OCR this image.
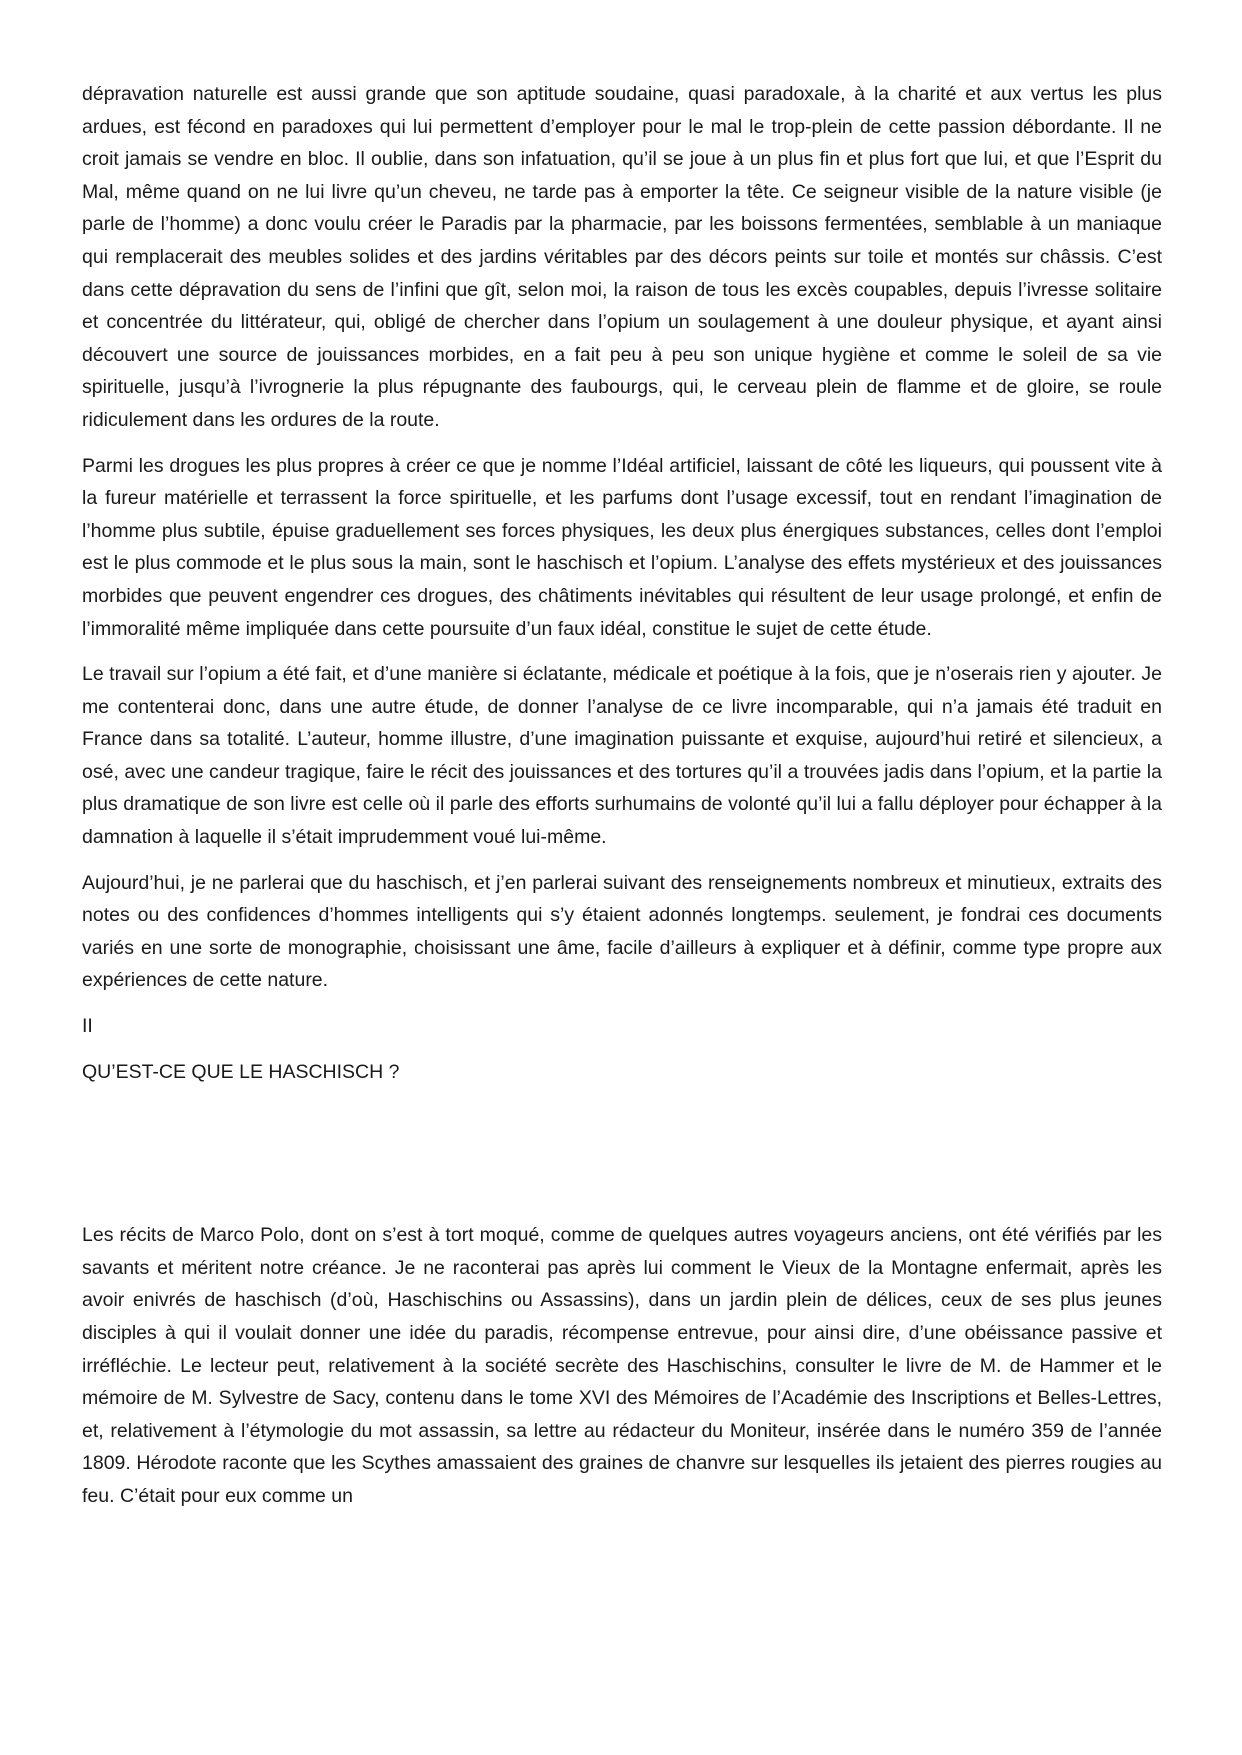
dépravation naturelle est aussi grande que son aptitude soudaine, quasi paradoxale, à la charité et aux vertus les plus ardues, est fécond en paradoxes qui lui permettent d’employer pour le mal le trop-plein de cette passion débordante. Il ne croit jamais se vendre en bloc. Il oublie, dans son infatuation, qu’il se joue à un plus fin et plus fort que lui, et que l’Esprit du Mal, même quand on ne lui livre qu’un cheveu, ne tarde pas à emporter la tête. Ce seigneur visible de la nature visible (je parle de l’homme) a donc voulu créer le Paradis par la pharmacie, par les boissons fermentées, semblable à un maniaque qui remplacerait des meubles solides et des jardins véritables par des décors peints sur toile et montés sur châssis. C’est dans cette dépravation du sens de l’infini que gît, selon moi, la raison de tous les excès coupables, depuis l’ivresse solitaire et concentrée du littérateur, qui, obligé de chercher dans l’opium un soulagement à une douleur physique, et ayant ainsi découvert une source de jouissances morbides, en a fait peu à peu son unique hygiène et comme le soleil de sa vie spirituelle, jusqu’à l’ivrognerie la plus répugnante des faubourgs, qui, le cerveau plein de flamme et de gloire, se roule ridiculement dans les ordures de la route.

Parmi les drogues les plus propres à créer ce que je nomme l’Idéal artificiel, laissant de côté les liqueurs, qui poussent vite à la fureur matérielle et terrassent la force spirituelle, et les parfums dont l’usage excessif, tout en rendant l’imagination de l’homme plus subtile, épuise graduellement ses forces physiques, les deux plus énergiques substances, celles dont l’emploi est le plus commode et le plus sous la main, sont le haschisch et l’opium. L’analyse des effets mystérieux et des jouissances morbides que peuvent engendrer ces drogues, des châtiments inévitables qui résultent de leur usage prolongé, et enfin de l’immoralité même impliquée dans cette poursuite d’un faux idéal, constitue le sujet de cette étude.

Le travail sur l’opium a été fait, et d’une manière si éclatante, médicale et poétique à la fois, que je n’oserais rien y ajouter. Je me contenterai donc, dans une autre étude, de donner l’analyse de ce livre incomparable, qui n’a jamais été traduit en France dans sa totalité. L’auteur, homme illustre, d’une imagination puissante et exquise, aujourd’hui retiré et silencieux, a osé, avec une candeur tragique, faire le récit des jouissances et des tortures qu’il a trouvées jadis dans l’opium, et la partie la plus dramatique de son livre est celle où il parle des efforts surhumains de volonté qu’il lui a fallu déployer pour échapper à la damnation à laquelle il s’était imprudemment voué lui-même.

Aujourd’hui, je ne parlerai que du haschisch, et j’en parlerai suivant des renseignements nombreux et minutieux, extraits des notes ou des confidences d’hommes intelligents qui s’y étaient adonnés longtemps. seulement, je fondrai ces documents variés en une sorte de monographie, choisissant une âme, facile d’ailleurs à expliquer et à définir, comme type propre aux expériences de cette nature.

II

QU’EST-CE QUE LE HASCHISCH ?

Les récits de Marco Polo, dont on s’est à tort moqué, comme de quelques autres voyageurs anciens, ont été vérifiés par les savants et méritent notre créance. Je ne raconterai pas après lui comment le Vieux de la Montagne enfermait, après les avoir enivrés de haschisch (d’où, Haschischins ou Assassins), dans un jardin plein de délices, ceux de ses plus jeunes disciples à qui il voulait donner une idée du paradis, récompense entrevue, pour ainsi dire, d’une obéissance passive et irréfléchie. Le lecteur peut, relativement à la société secrète des Haschischins, consulter le livre de M. de Hammer et le mémoire de M. Sylvestre de Sacy, contenu dans le tome XVI des Mémoires de l’Académie des Inscriptions et Belles-Lettres, et, relativement à l’étymologie du mot assassin, sa lettre au rédacteur du Moniteur, insérée dans le numéro 359 de l’année 1809. Hérodote raconte que les Scythes amassaient des graines de chanvre sur lesquelles ils jetaient des pierres rougies au feu. C’était pour eux comme un
